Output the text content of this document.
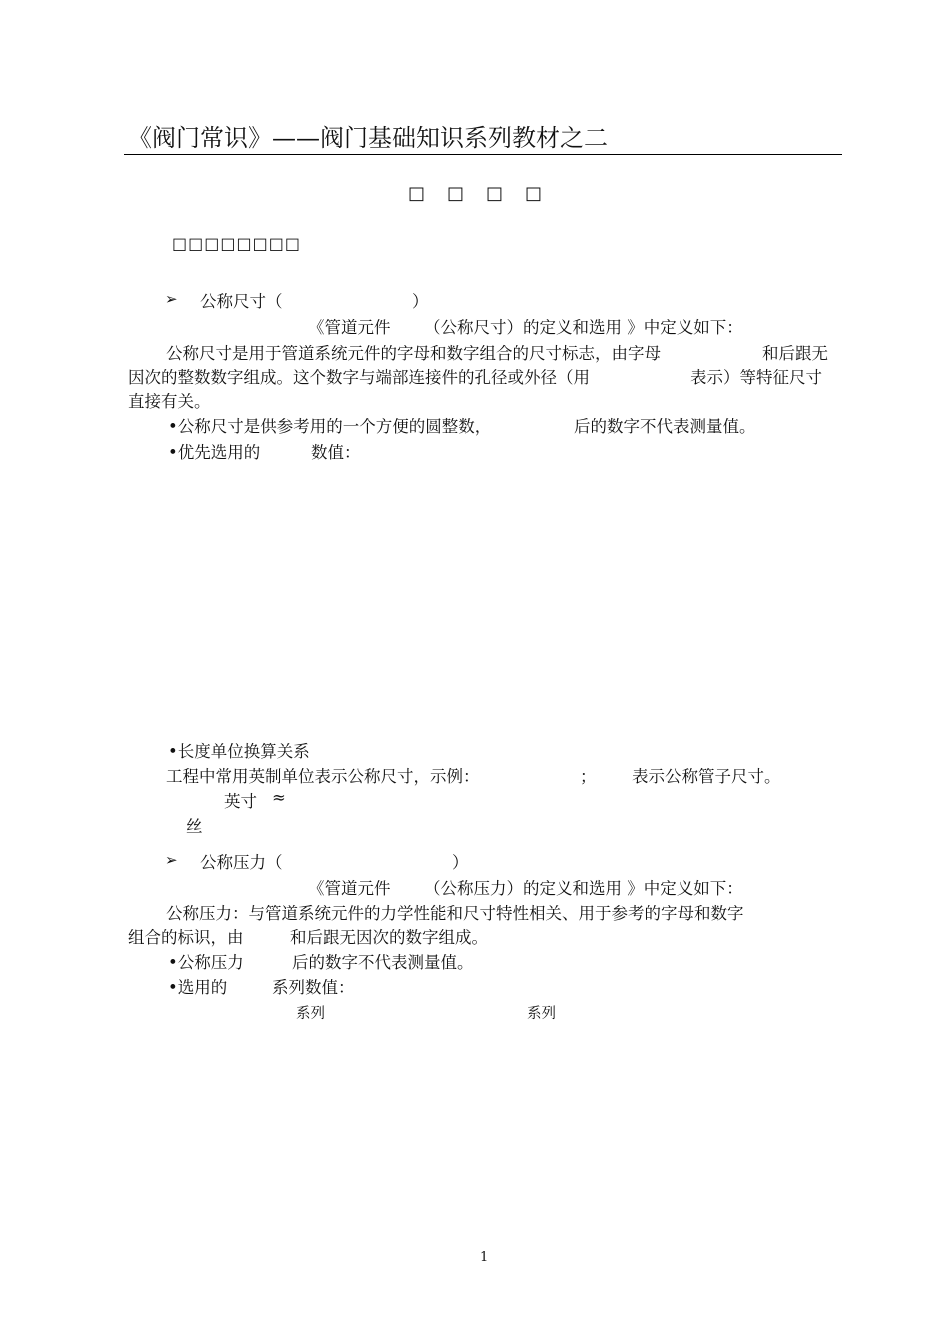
《阀门常识》——阀门基础知识系列教材之二
□□□□
□□□□□□□□
➢ 公称尺寸（	）
《管道元件 （公称尺寸）的定义和选用 》中定义如下：
公称尺寸是用于管道系统元件的字母和数字组合的尺寸标志，由字母	和后跟无
因次的整数数字组成。这个数字与端部连接件的孔径或外径（用	表示）等特征尺寸
直接有关。
•公称尺寸是供参考用的一个方便的圆整数，	后的数字不代表测量值。
•优先选用的	数值：
•长度单位换算关系
工程中常用英制单位表示公称尺寸，示例：	； 表示公称管子尺寸。
英寸 ≈
丝
➢ 公称压力（	）
《管道元件 （公称压力）的定义和选用 》中定义如下：
公称压力：与管道系统元件的力学性能和尺寸特性相关、用于参考的字母和数字
组合的标识，由	和后跟无因次的数字组成。
•公称压力	后的数字不代表测量值。
•选用的	系列数值：
系列	系列
1
